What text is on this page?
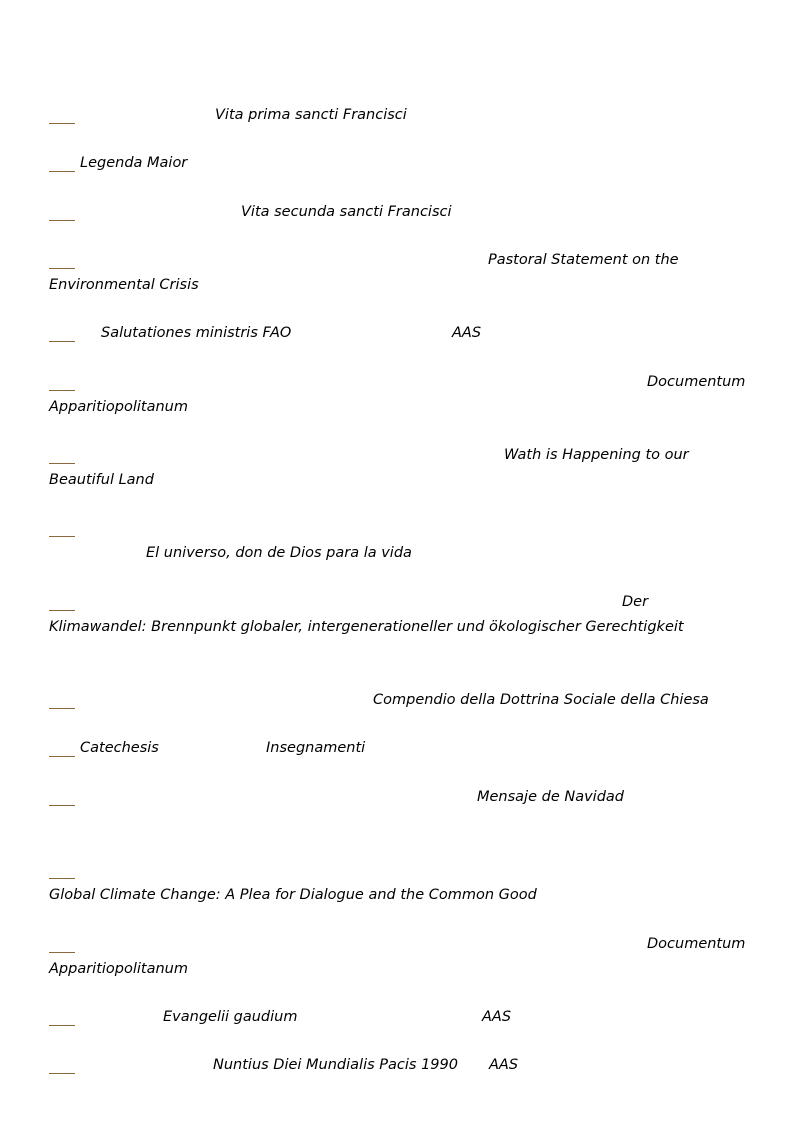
Vita prima sancti Francisci
Legenda Maior
Vita secunda sancti Francisci
Pastoral Statement on the
Environmental Crisis
Salutationes ministris FAO	AAS
Documentum
Apparitiopolitanum
Wath is Happening to our
Beautiful Land
El universo, don de Dios para la vida
Der
Klimawandel: Brennpunkt globaler, intergenerationeller und ökologischer Gerechtigkeit
Compendio della Dottrina Sociale della Chiesa
Catechesis	Insegnamenti
Mensaje de Navidad
Global Climate Change: A Plea for Dialogue and the Common Good
Documentum
Apparitiopolitanum
Evangelii gaudium	AAS
Nuntius Diei Mundialis Pacis 1990 AAS
